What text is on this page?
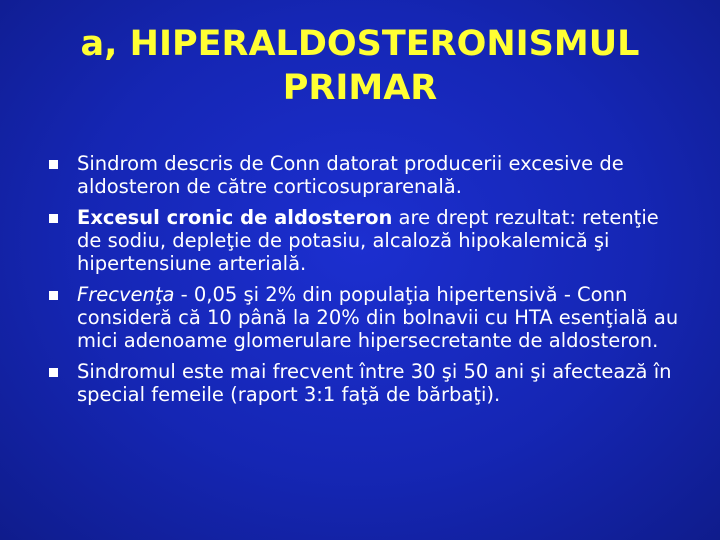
a, HIPERALDOSTERONISMUL
PRIMAR
Sindrom descris de Conn datorat producerii excesive de aldosteron de către corticosuprarenală.
Excesul cronic de aldosteron are drept rezultat: retenţie de sodiu, depleţie de potasiu, alcaloză hipokalemică şi hipertensiune arterială.
Frecvenţa - 0,05 şi 2% din populaţia hipertensivă - Conn consideră că 10 până la 20% din bolnavii cu HTA esenţială au mici adenoame glomerulare hipersecretante de aldosteron.
Sindromul este mai frecvent între 30 şi 50 ani şi afectează în special femeile (raport 3:1 faţă de bărbaţi).
